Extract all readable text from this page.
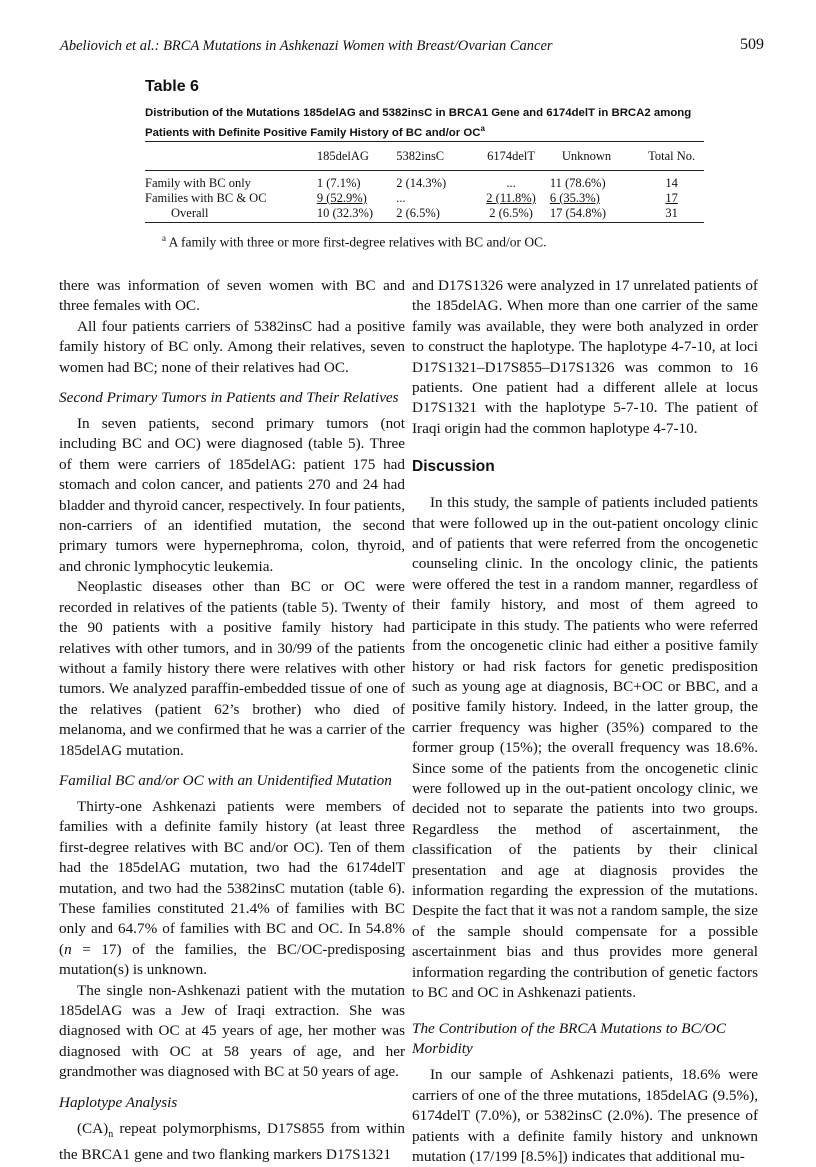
Abeliovich et al.: BRCA Mutations in Ashkenazi Women with Breast/Ovarian Cancer	509
Table 6
Distribution of the Mutations 185delAG and 5382insC in BRCA1 Gene and 6174delT in BRCA2 among Patients with Definite Positive Family History of BC and/or $OC^a$
	185delAG	5382insC	6174delT	Unknown	Total No.

Family with BC only	1 (7.1%)	2 (14.3%)	...	11 (78.6%)	14
Families with BC & OC	9 (52.9%)	...	2 (11.8%)	6 (35.3%)	17
Overall	10 (32.3%)	2 (6.5%)	2 (6.5%)	17 (54.8%)	31
$^a$ A family with three or more first-degree relatives with BC and/or OC.

there was information of seven women with BC and three females with OC.

All four patients carriers of 5382insC had a positive family history of BC only. Among their relatives, seven women had BC; none of their relatives had OC.

Second Primary Tumors in Patients and Their Relatives

In seven patients, second primary tumors (not including BC and OC) were diagnosed (table 5). Three of them were carriers of 185delAG: patient 175 had stomach and colon cancer, and patients 270 and 24 had bladder and thyroid cancer, respectively. In four patients, non-carriers of an identified mutation, the second primary tumors were hypernephroma, colon, thyroid, and chronic lymphocytic leukemia.

Neoplastic diseases other than BC or OC were recorded in relatives of the patients (table 5). Twenty of the 90 patients with a positive family history had relatives with other tumors, and in 30/99 of the patients without a family history there were relatives with other tumors. We analyzed paraffin-embedded tissue of one of the relatives (patient 62’s brother) who died of melanoma, and we confirmed that he was a carrier of the 185delAG mutation.

Familial BC and/or OC with an Unidentified Mutation

Thirty-one Ashkenazi patients were members of families with a definite family history (at least three first-degree relatives with BC and/or OC). Ten of them had the 185delAG mutation, two had the 6174delT mutation, and two had the 5382insC mutation (table 6). These families constituted 21.4% of families with BC only and 64.7% of families with BC and OC. In 54.8% (n = 17) of the families, the BC/OC-predisposing mutation(s) is unknown.

The single non-Ashkenazi patient with the mutation 185delAG was a Jew of Iraqi extraction. She was diagnosed with OC at 45 years of age, her mother was diagnosed with OC at 58 years of age, and her grandmother was diagnosed with BC at 50 years of age.

Haplotype Analysis

$(CA)_n$ repeat polymorphisms, D17S855 from within the BRCA1 gene and two flanking markers D17S1321

and D17S1326 were analyzed in 17 unrelated patients of the 185delAG. When more than one carrier of the same family was available, they were both analyzed in order to construct the haplotype. The haplotype 4-7-10, at loci D17S1321–D17S855–D17S1326 was common to 16 patients. One patient had a different allele at locus D17S1321 with the haplotype 5-7-10. The patient of Iraqi origin had the common haplotype 4-7-10.

Discussion

In this study, the sample of patients included patients that were followed up in the out-patient oncology clinic and of patients that were referred from the oncogenetic counseling clinic. In the oncology clinic, the patients were offered the test in a random manner, regardless of their family history, and most of them agreed to participate in this study. The patients who were referred from the oncogenetic clinic had either a positive family history or had risk factors for genetic predisposition such as young age at diagnosis, BC+OC or BBC, and a positive family history. Indeed, in the latter group, the carrier frequency was higher (35%) compared to the former group (15%); the overall frequency was 18.6%. Since some of the patients from the oncogenetic clinic were followed up in the out-patient oncology clinic, we decided not to separate the patients into two groups. Regardless the method of ascertainment, the classification of the patients by their clinical presentation and age at diagnosis provides the information regarding the expression of the mutations. Despite the fact that it was not a random sample, the size of the sample should compensate for a possible ascertainment bias and thus provides more general information regarding the contribution of genetic factors to BC and OC in Ashkenazi patients.

The Contribution of the BRCA Mutations to BC/OC Morbidity

In our sample of Ashkenazi patients, 18.6% were carriers of one of the three mutations, 185delAG (9.5%), 6174delT (7.0%), or 5382insC (2.0%). The presence of patients with a definite family history and unknown mutation (17/199 [8.5%]) indicates that additional mu-
